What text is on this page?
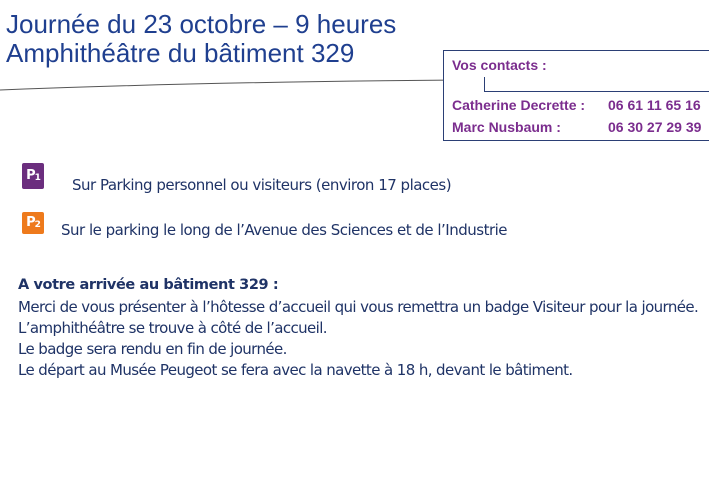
Journée du 23 octobre – 9 heures
Amphithéâtre du bâtiment 329	Vos contacts :
Catherine Decrette : 06 61 11 65 16
Marc Nusbaum :	06 30 27 29 39
$P_1$ Sur Parking personnel ou visiteurs (environ 17 places)
$P_2$ Sur le parking le long de l’Avenue des Sciences et de l’Industrie
A votre arrivée au bâtiment 329 :
Merci de vous présenter à l’hôtesse d’accueil qui vous remettra un badge Visiteur pour la journée.
L’amphithéâtre se trouve à côté de l’accueil.
Le badge sera rendu en fin de journée.
Le départ au Musée Peugeot se fera avec la navette à 18 h, devant le bâtiment.
